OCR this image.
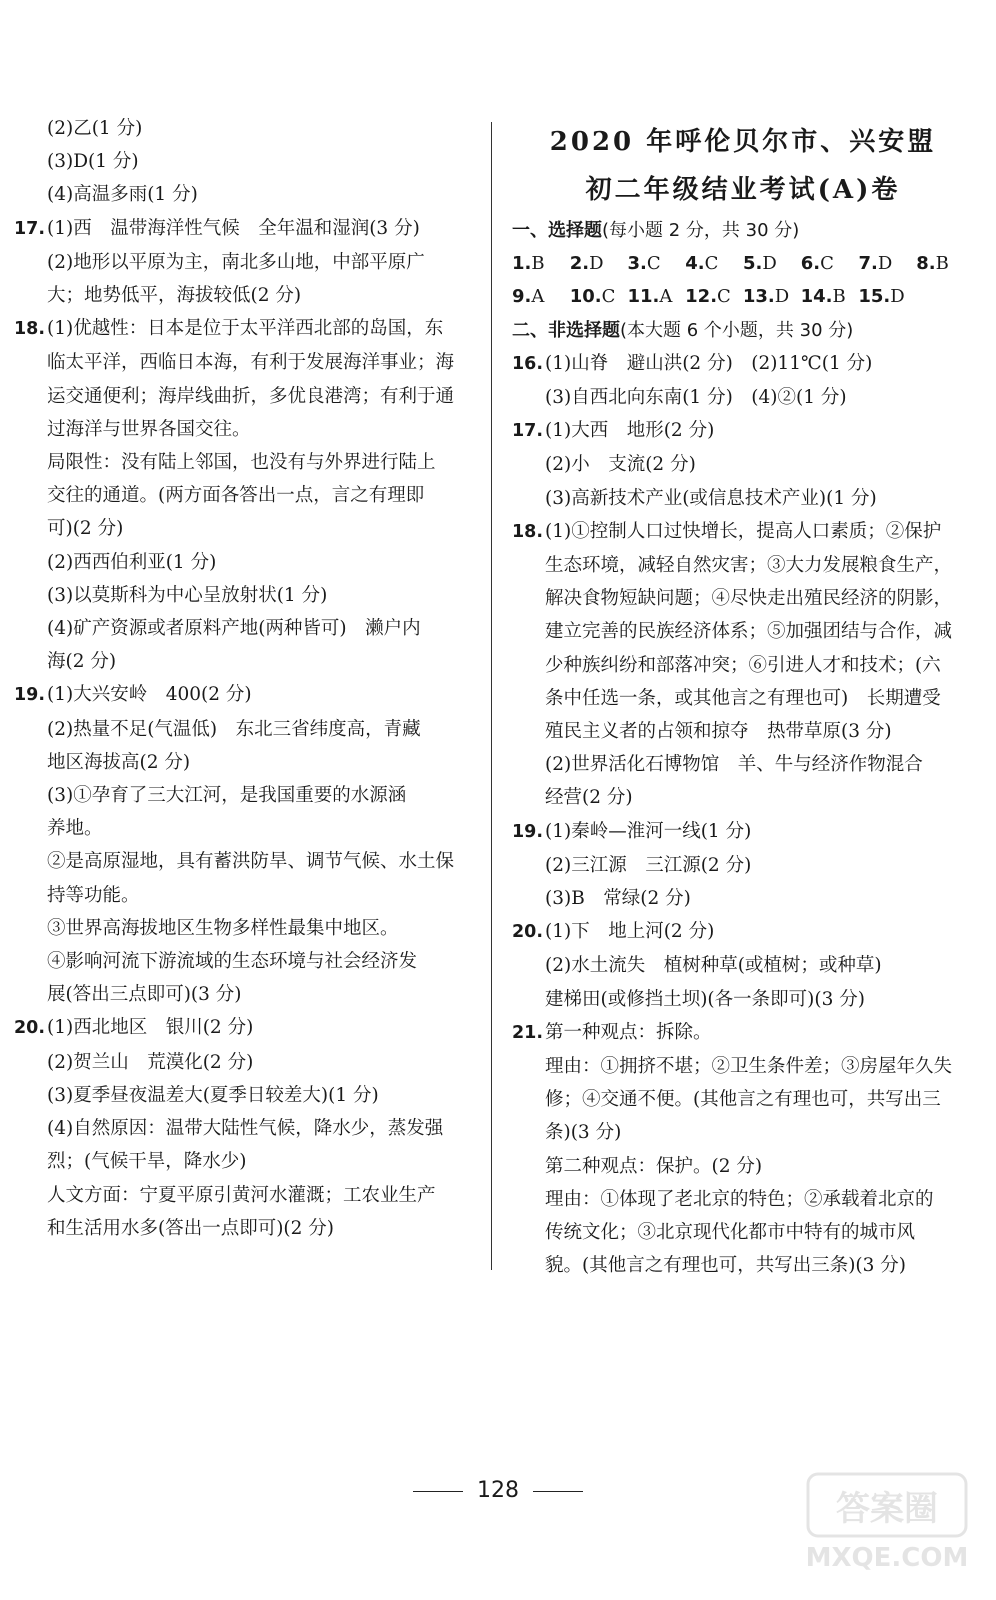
(2)乙(1 分)
(3)D(1 分)
(4)高温多雨(1 分)
17. (1)西　温带海洋性气候　全年温和湿润(3 分)
(2)地形以平原为主，南北多山地，中部平原广
大；地势低平，海拔较低(2 分)
18. (1)优越性：日本是位于太平洋西北部的岛国，东
临太平洋，西临日本海，有利于发展海洋事业；海
运交通便利；海岸线曲折，多优良港湾；有利于通
过海洋与世界各国交往。
局限性：没有陆上邻国，也没有与外界进行陆上
交往的通道。(两方面各答出一点，言之有理即
可)(2 分)
(2)西西伯利亚(1 分)
(3)以莫斯科为中心呈放射状(1 分)
(4)矿产资源或者原料产地(两种皆可)　濑户内
海(2 分)
19. (1)大兴安岭　400(2 分)
(2)热量不足(气温低)　东北三省纬度高，青藏
地区海拔高(2 分)
(3)①孕育了三大江河，是我国重要的水源涵
养地。
②是高原湿地，具有蓄洪防旱、调节气候、水土保
持等功能。
③世界高海拔地区生物多样性最集中地区。
④影响河流下游流域的生态环境与社会经济发
展(答出三点即可)(3 分)
20. (1)西北地区　银川(2 分)
(2)贺兰山　荒漠化(2 分)
(3)夏季昼夜温差大(夏季日较差大)(1 分)
(4)自然原因：温带大陆性气候，降水少，蒸发强
烈；(气候干旱，降水少)
人文方面：宁夏平原引黄河水灌溉；工农业生产
和生活用水多(答出一点即可)(2 分)
2020 年呼伦贝尔市、兴安盟
初二年级结业考试(A)卷
一、选择题(每小题 2 分，共 30 分)
1.B	2.D	3.C	4.C	5.D	6.C	7.D	8.B
9.A	10.C 11.A 12.C 13.D 14.B 15.D
二、非选择题(本大题 6 个小题，共 30 分)
16. (1)山脊　避山洪(2 分)　(2)11℃(1 分)
(3)自西北向东南(1 分)　(4)②(1 分)
17. (1)大西　地形(2 分)
(2)小　支流(2 分)
(3)高新技术产业(或信息技术产业)(1 分)
18. (1)①控制人口过快增长，提高人口素质；②保护
生态环境，减轻自然灾害；③大力发展粮食生产，
解决食物短缺问题；④尽快走出殖民经济的阴影，
建立完善的民族经济体系；⑤加强团结与合作，减
少种族纠纷和部落冲突；⑥引进人才和技术；(六
条中任选一条，或其他言之有理也可)　长期遭受
殖民主义者的占领和掠夺　热带草原(3 分)
(2)世界活化石博物馆　羊、牛与经济作物混合
经营(2 分)
19. (1)秦岭—淮河一线(1 分)
(2)三江源　三江源(2 分)
(3)B　常绿(2 分)
20. (1)下　地上河(2 分)
(2)水土流失　植树种草(或植树；或种草)
建梯田(或修挡土坝)(各一条即可)(3 分)
21. 第一种观点：拆除。
理由：①拥挤不堪；②卫生条件差；③房屋年久失
修；④交通不便。(其他言之有理也可，共写出三
条)(3 分)
第二种观点：保护。(2 分)
理由：①体现了老北京的特色；②承载着北京的
传统文化；③北京现代化都市中特有的城市风
貌。(其他言之有理也可，共写出三条)(3 分)
128	答案圈
MXQE.COM
